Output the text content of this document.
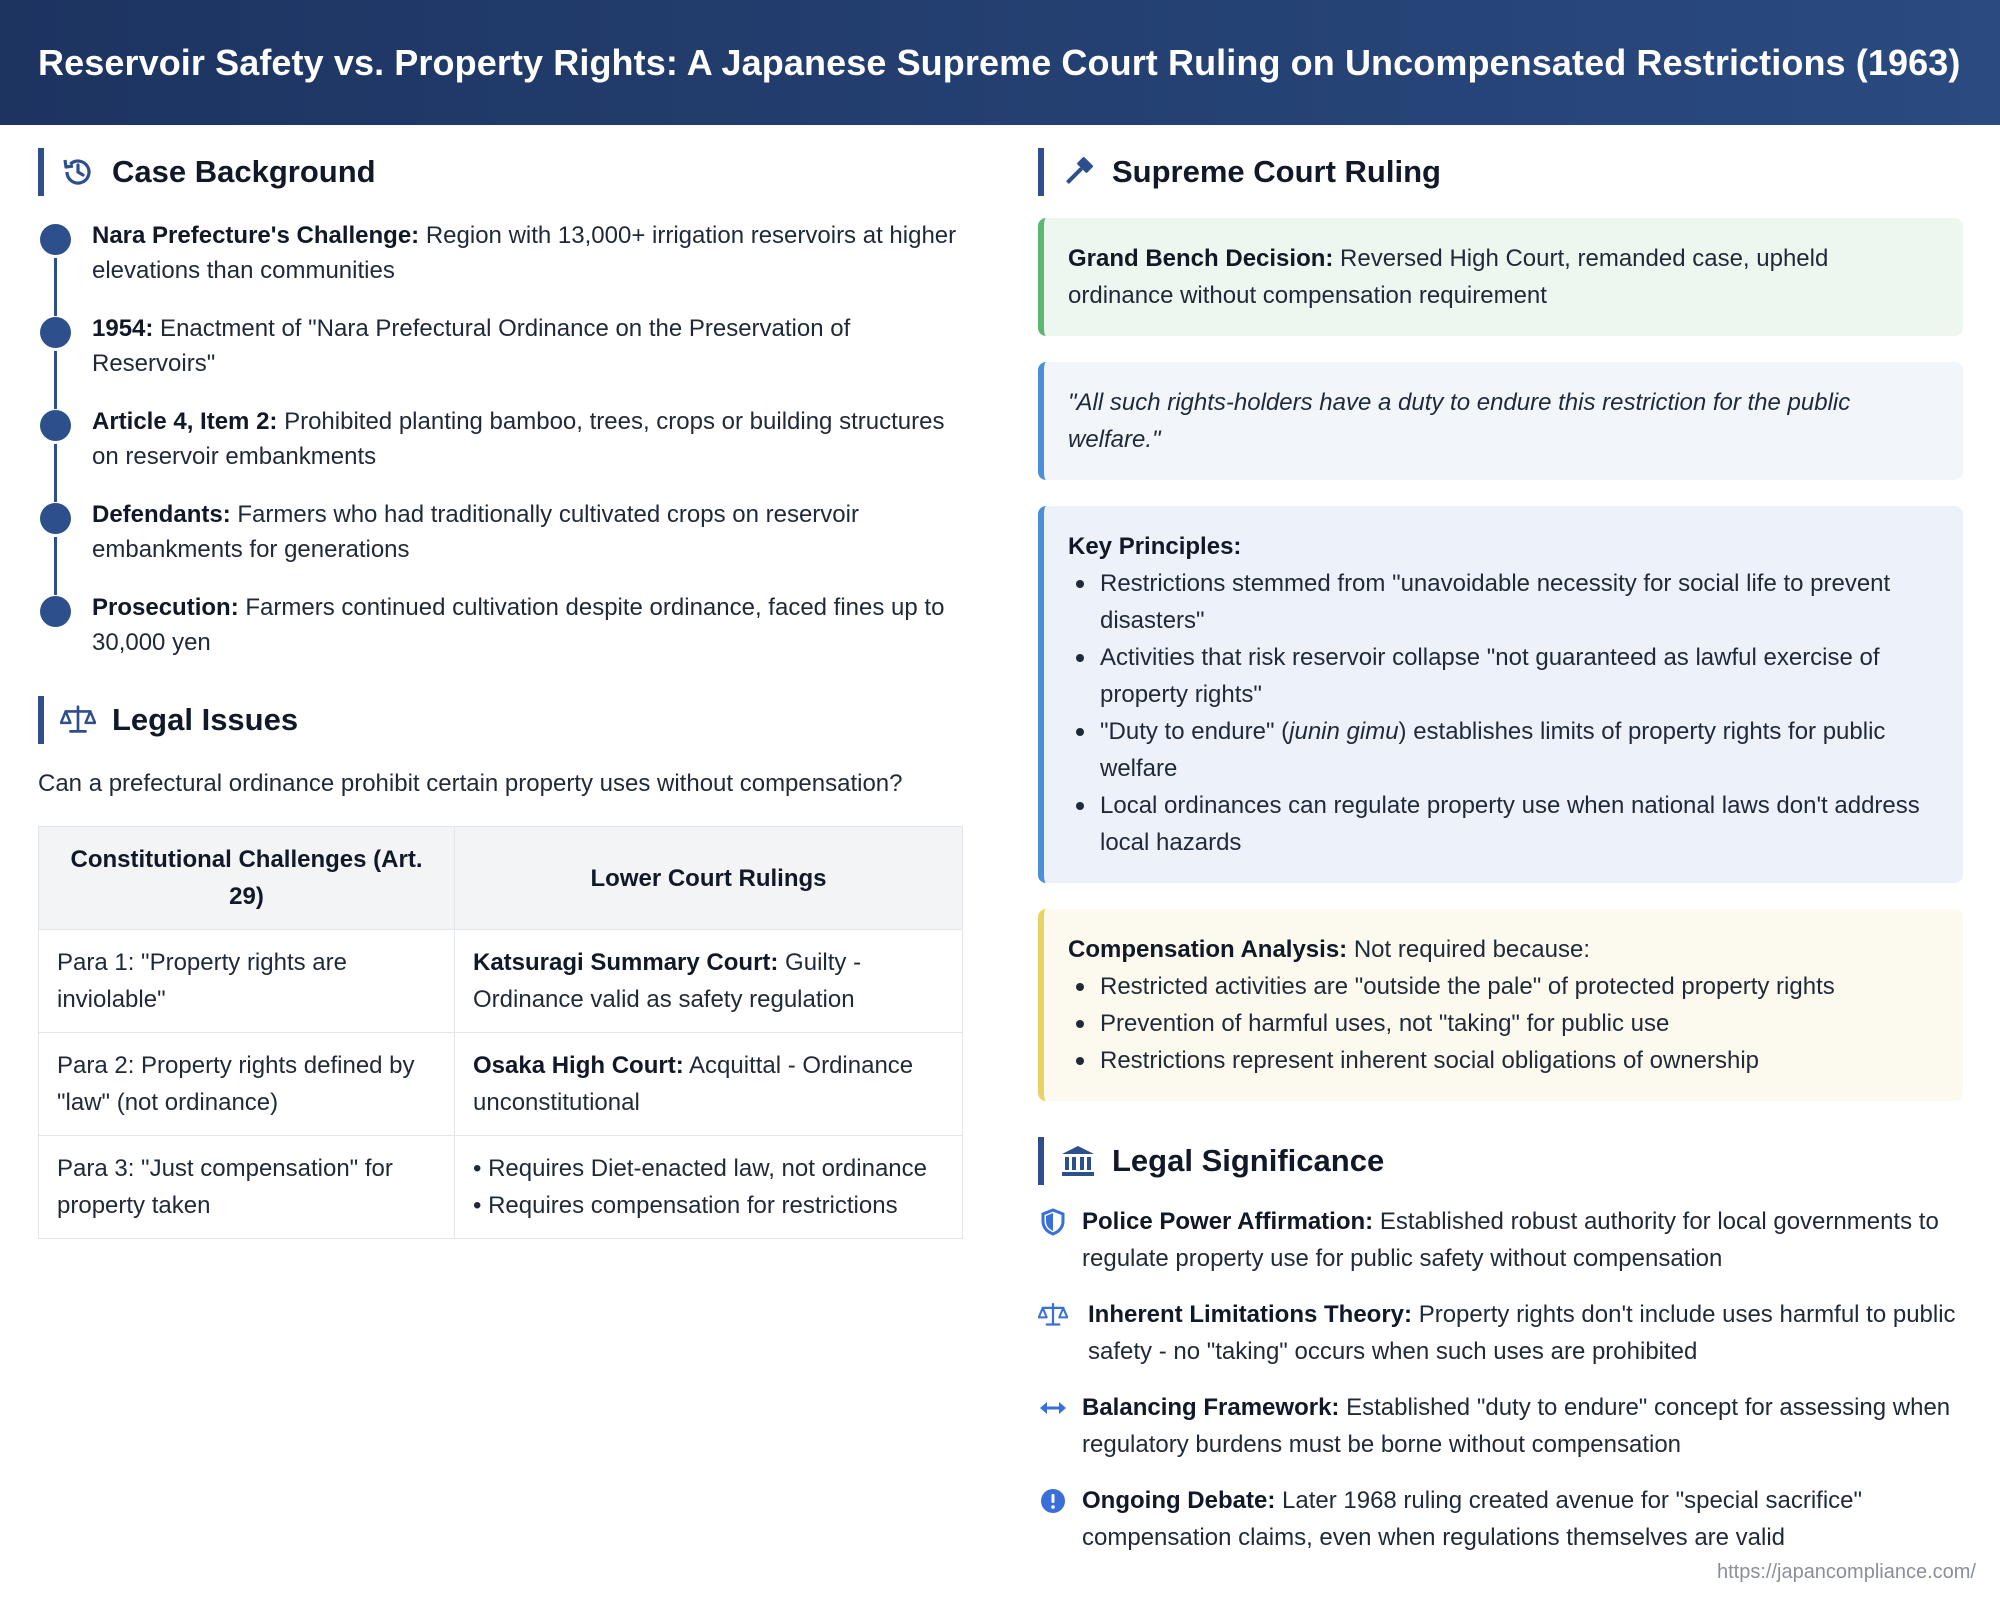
Reservoir Safety vs. Property Rights: A Japanese Supreme Court Ruling on Uncompensated Restrictions (1963)
Case Background
Nara Prefecture's Challenge: Region with 13,000+ irrigation reservoirs at higher elevations than communities
1954: Enactment of "Nara Prefectural Ordinance on the Preservation of Reservoirs"
Article 4, Item 2: Prohibited planting bamboo, trees, crops or building structures on reservoir embankments
Defendants: Farmers who had traditionally cultivated crops on reservoir embankments for generations
Prosecution: Farmers continued cultivation despite ordinance, faced fines up to 30,000 yen
Legal Issues

Can a prefectural ordinance prohibit certain property uses without compensation?

Constitutional Challenges (Art. 29)	Lower Court Rulings
Para 1: "Property rights are inviolable"	Katsuragi Summary Court: Guilty - Ordinance valid as safety regulation
Para 2: Property rights defined by "law" (not ordinance)	Osaka High Court: Acquittal - Ordinance unconstitutional
Para 3: "Just compensation" for property taken	• Requires Diet-enacted law, not ordinance
• Requires compensation for restrictions
Supreme Court Ruling
Grand Bench Decision: Reversed High Court, remanded case, upheld ordinance without compensation requirement
"All such rights-holders have a duty to endure this restriction for the public welfare."
Key Principles:
Restrictions stemmed from "unavoidable necessity for social life to prevent disasters"
Activities that risk reservoir collapse "not guaranteed as lawful exercise of property rights"
"Duty to endure" (junin gimu) establishes limits of property rights for public welfare
Local ordinances can regulate property use when national laws don't address local hazards
Compensation Analysis: Not required because:
Restricted activities are "outside the pale" of protected property rights
Prevention of harmful uses, not "taking" for public use
Restrictions represent inherent social obligations of ownership
Legal Significance
Police Power Affirmation: Established robust authority for local governments to regulate property use for public safety without compensation
Inherent Limitations Theory: Property rights don't include uses harmful to public safety - no "taking" occurs when such uses are prohibited
Balancing Framework: Established "duty to endure" concept for assessing when regulatory burdens must be borne without compensation
Ongoing Debate: Later 1968 ruling created avenue for "special sacrifice" compensation claims, even when regulations themselves are valid
https://japancompliance.com/
